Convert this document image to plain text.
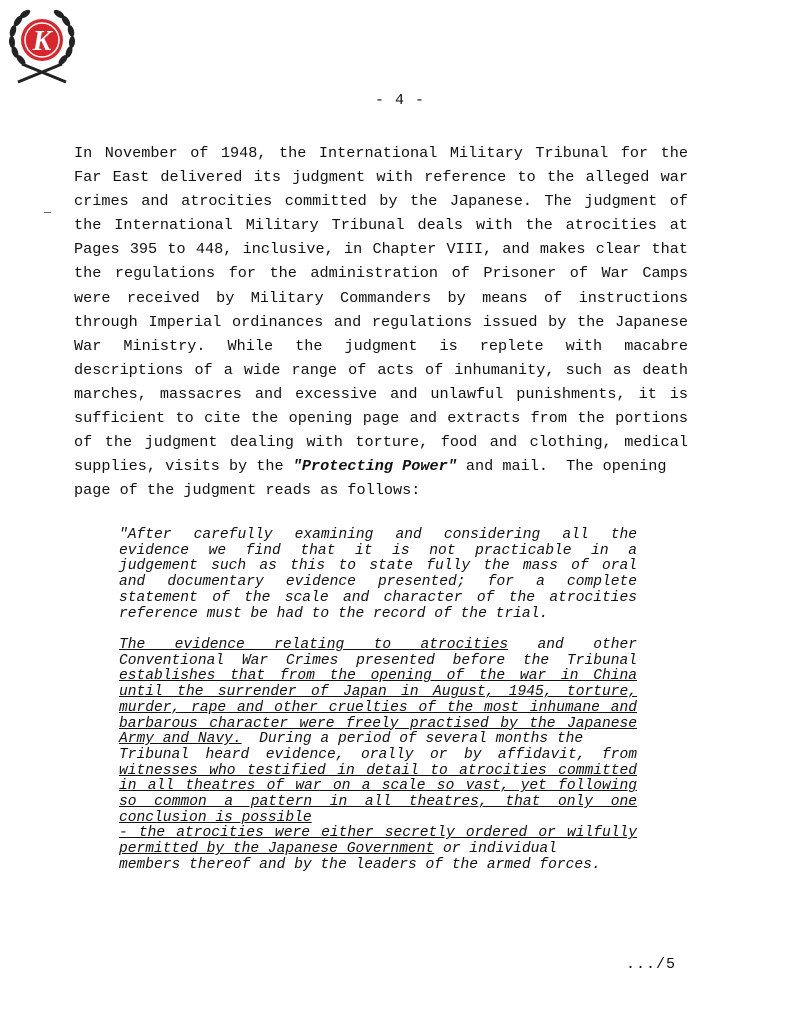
K
- 4 -
In November of 1948, the International Military Tribunal for the
Far East delivered its judgment with reference to the alleged war
crimes and atrocities committed by the Japanese. The judgment of
the International Military Tribunal deals with the atrocities at
Pages 395 to 448, inclusive, in Chapter VIII, and makes clear that
the regulations for the administration of Prisoner of War Camps
were received by Military Commanders by means of instructions
through Imperial ordinances and regulations issued by the Japanese
War Ministry. While the judgment is replete with macabre
descriptions of a wide range of acts of inhumanity, such as death
marches, massacres and excessive and unlawful punishments, it is
sufficient to cite the opening page and extracts from the portions
of the judgment dealing with torture, food and clothing, medical
supplies, visits by the "Protecting Power" and mail.  The opening
page of the judgment reads as follows:
"After carefully examining and considering all the
evidence we find that it is not practicable in a
judgement such as this to state fully the mass of oral
and documentary evidence presented; for a complete
statement of the scale and character of the atrocities
reference must be had to the record of the trial.
The evidence relating to atrocities and other
Conventional War Crimes presented before the Tribunal
establishes that from the opening of the war in China
until the surrender of Japan in August, 1945, torture,
murder, rape and other cruelties of the most inhumane and
barbarous character were freely practised by the Japanese
Army and Navy.  During a period of several months the
Tribunal heard evidence, orally or by affidavit, from
witnesses who testified in detail to atrocities committed
in all theatres of war on a scale so vast, yet following
so common a pattern in all theatres, that only one
conclusion is possible
- the atrocities were either secretly ordered or wilfully
permitted by the Japanese Government or individual
members thereof and by the leaders of the armed forces.
.../5
